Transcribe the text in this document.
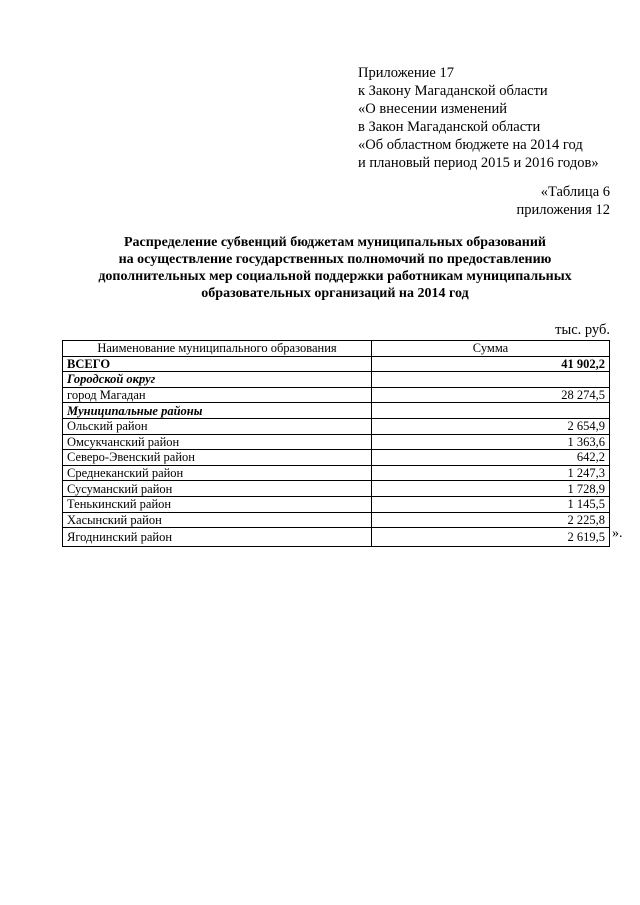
Приложение 17
к Закону Магаданской области
«О внесении изменений
в Закон Магаданской области
«Об областном бюджете на 2014 год
и плановый период 2015 и 2016 годов»
«Таблица 6
приложения 12
Распределение субвенций бюджетам муниципальных образований
на осуществление государственных полномочий по предоставлению
дополнительных мер социальной поддержки работникам муниципальных
образовательных организаций на 2014 год
тыс. руб.
Наименование муниципального образования	Сумма
ВСЕГО	41 902,2
Городской округ	
город Магадан	28 274,5
Муниципальные районы	
Ольский район	2 654,9
Омсукчанский район	1 363,6
Северо-Эвенский район	642,2
Среднеканский район	1 247,3
Сусуманский район	1 728,9
Тенькинский район	1 145,5
Хасынский район	2 225,8
Ягоднинский район	2 619,5 ».
